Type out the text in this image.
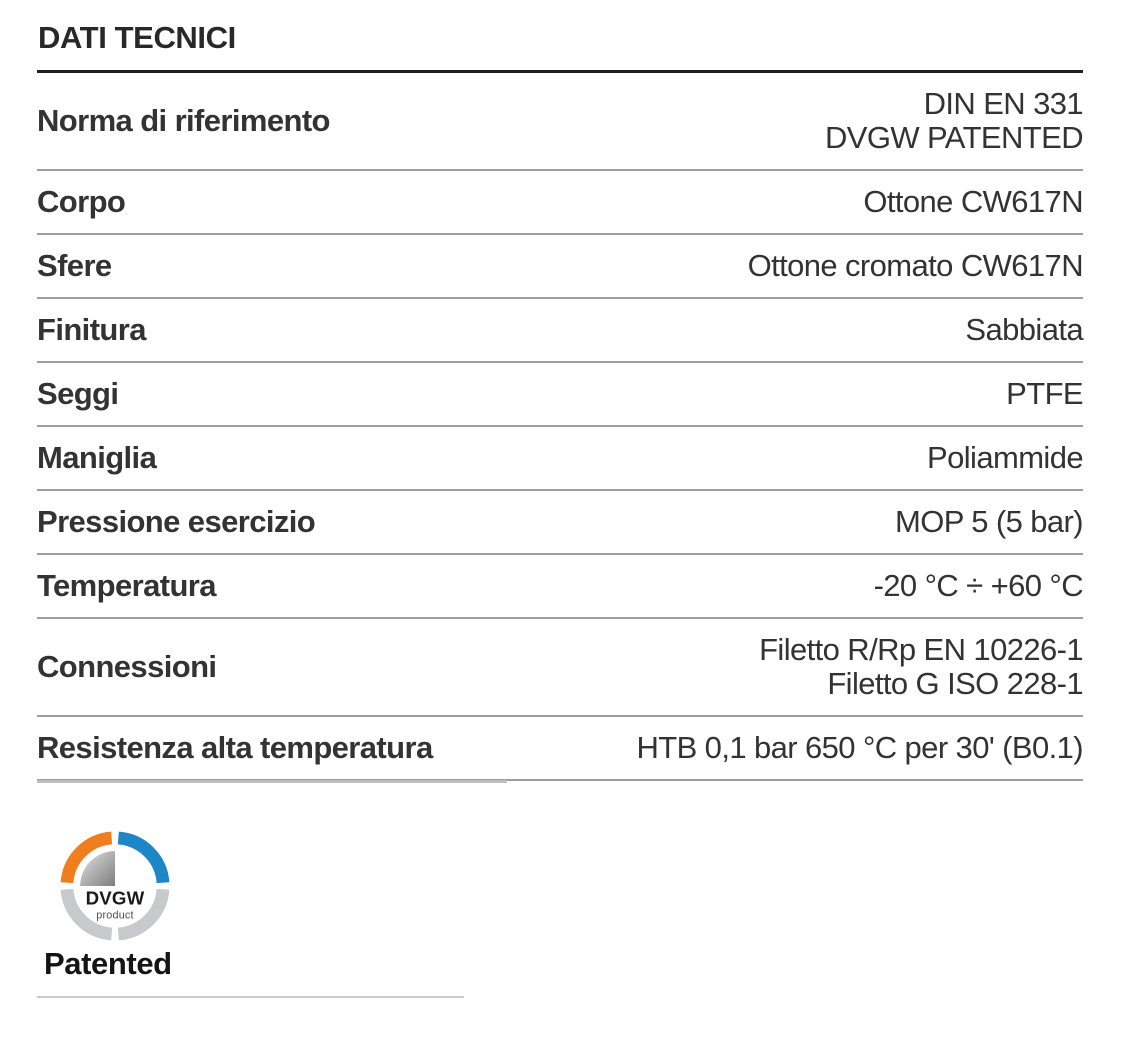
DATI TECNICI
Norma di riferimento	DIN EN 331
DVGW PATENTED
Corpo	Ottone CW617N
Sfere	Ottone cromato CW617N
Finitura	Sabbiata
Seggi	PTFE
Maniglia	Poliammide
Pressione esercizio	MOP 5 (5 bar)
Temperatura	-20 °C ÷ +60 °C
Connessioni	Filetto R/Rp EN 10226-1
Filetto G ISO 228-1
Resistenza alta temperatura	HTB 0,1 bar 650 °C per 30' (B0.1)
DVGW
product
Patented
